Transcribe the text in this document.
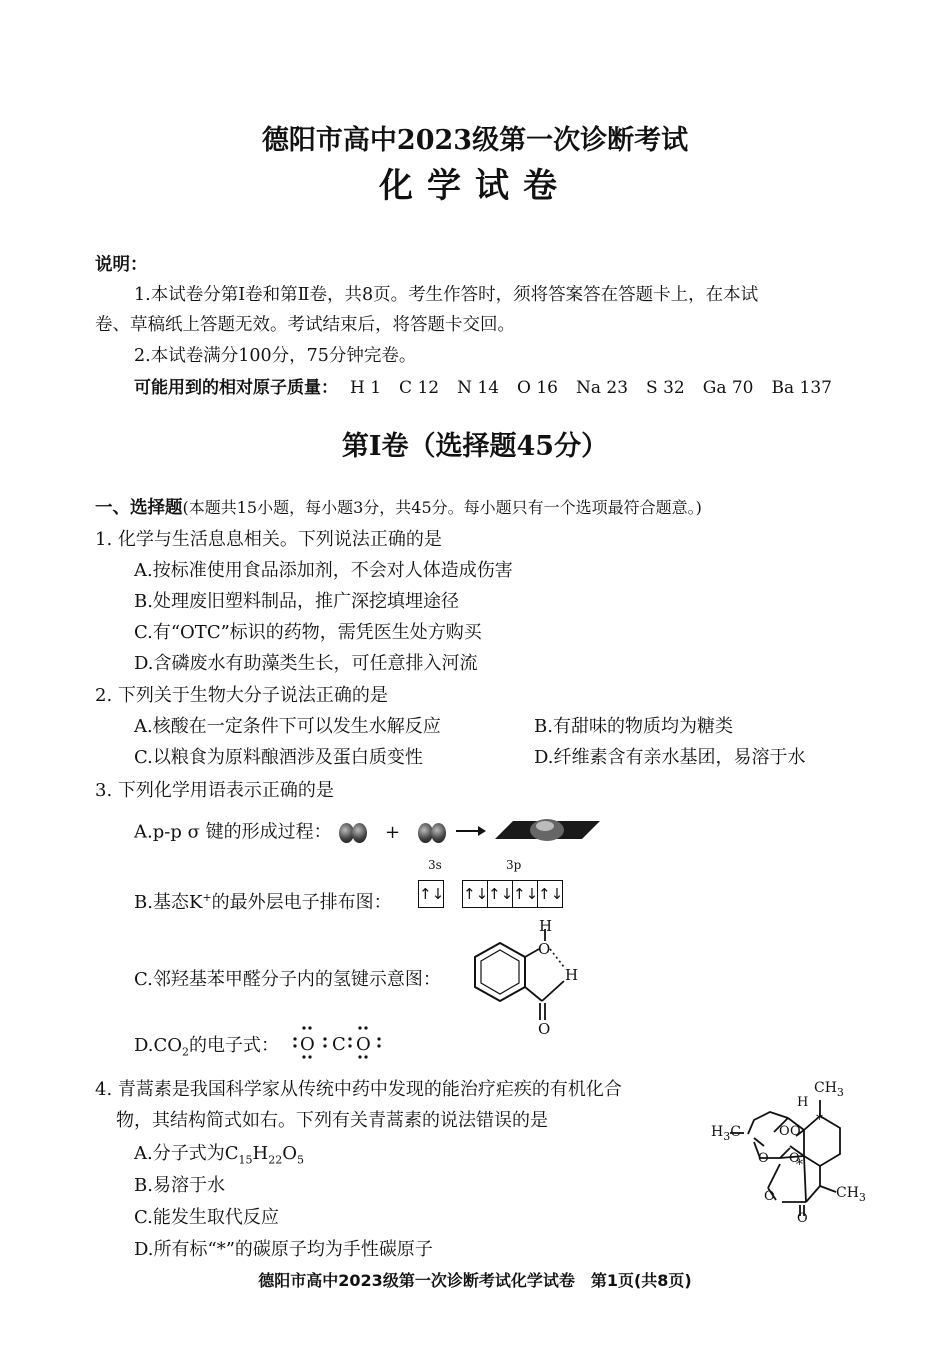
德阳市高中2023级第一次诊断考试
化学试卷
说明：
1.本试卷分第Ⅰ卷和第Ⅱ卷，共8页。考生作答时，须将答案答在答题卡上，在本试
卷、草稿纸上答题无效。考试结束后，将答题卡交回。
2.本试卷满分100分，75分钟完卷。
可能用到的相对原子质量： H 1 C 12 N 14 O 16 Na 23 S 32 Ga 70 Ba 137
第Ⅰ卷（选择题45分）
一、选择题(本题共15小题，每小题3分，共45分。每小题只有一个选项最符合题意。)
1. 化学与生活息息相关。下列说法正确的是
A.按标准使用食品添加剂，不会对人体造成伤害
B.处理废旧塑料制品，推广深挖填埋途径
C.有“OTC”标识的药物，需凭医生处方购买
D.含磷废水有助藻类生长，可任意排入河流
2. 下列关于生物大分子说法正确的是
A.核酸在一定条件下可以发生水解反应	B.有甜味的物质均为糖类
C.以粮食为原料酿酒涉及蛋白质变性	D.纤维素含有亲水基团，易溶于水
3. 下列化学用语表示正确的是
A.p-p σ 键的形成过程：	+
3s	3p
B.基态K+的最外层电子排布图： ↑↓ ↑↓↑↓↑↓↑↓
C.邻羟基苯甲醛分子内的氢键示意图：
H
O
H
O
$D.CO_2$的电子式： O C O
4. 青蒿素是我国科学家从传统中药中发现的能治疗疟疾的有机化合
物，其结构简式如右。下列有关青蒿素的说法错误的是
A.分子式为$C_{15}H_{22}O_5$
B.易溶于水
C.能发生取代反应
D.所有标“*”的碳原子均为手性碳原子
$CH_3$
H
$H_3C$	O O
O O
O
O
*
*
$CH_3$
德阳市高中2023级第一次诊断考试化学试卷　第1页(共8页)
